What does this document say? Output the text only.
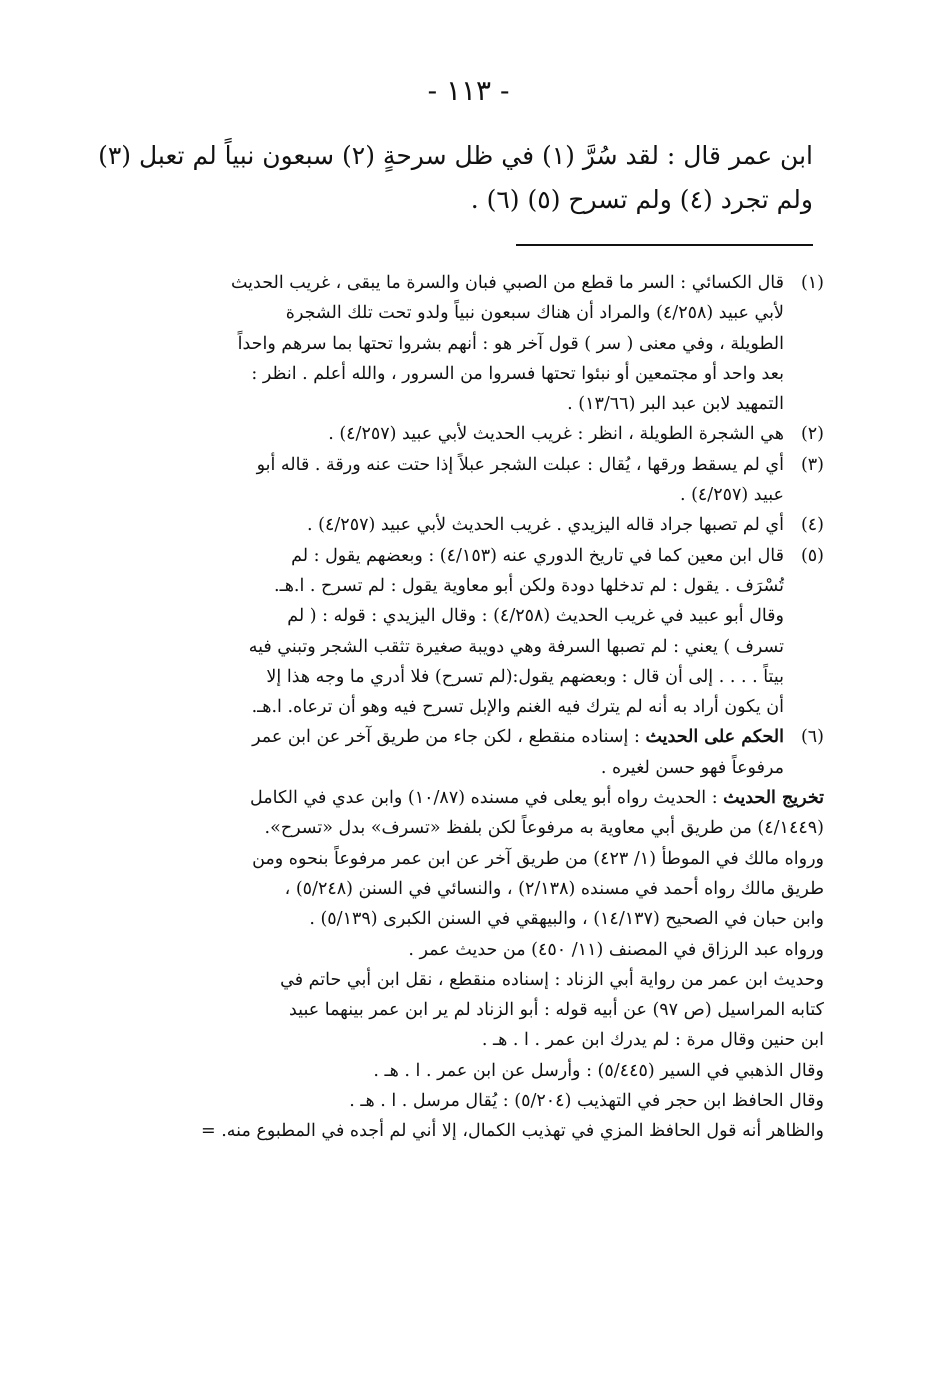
- ١١٣ -

ابن عمر قال : لقد سُرَّ (١) في ظل سرحةٍ (٢) سبعون نبياً لم تعبل (٣)

ولم تجرد (٤) ولم تسرح (٥) (٦) .

(١)

قال الكسائي : السر ما قطع من الصبي فبان والسرة ما يبقى ، غريب الحديث

لأبي عبيد (٤/٢٥٨) والمراد أن هناك سبعون نبياً ولدو تحت تلك الشجرة

الطويلة ، وفي معنى ( سر ) قول آخر هو : أنهم بشروا تحتها بما سرهم واحداً

بعد واحد أو مجتمعين أو نبئوا تحتها فسروا من السرور ، والله أعلم . انظر :

التمهيد لابن عبد البر (١٣/٦٦) .

(٢)

هي الشجرة الطويلة ، انظر : غريب الحديث لأبي عبيد (٤/٢٥٧) .

(٣)

أي لم يسقط ورقها ، يُقال : عبلت الشجر عبلاً إذا حتت عنه ورقة . قاله أبو

عبيد (٤/٢٥٧) .

(٤)

أي لم تصبها جراد قاله اليزيدي . غريب الحديث لأبي عبيد (٤/٢٥٧) .

(٥)

قال ابن معين كما في تاريخ الدوري عنه (٤/١٥٣) : وبعضهم يقول : لم

تُسْرَف . يقول : لم تدخلها دودة ولكن أبو معاوية يقول : لم تسرح . ا.هـ.

وقال أبو عبيد في غريب الحديث (٤/٢٥٨) : وقال اليزيدي : قوله : ( لم

تسرف ) يعني : لم تصبها السرفة وهي دويبة صغيرة تثقب الشجر وتبني فيه

بيتاً . . . . إلى أن قال : وبعضهم يقول:(لم تسرح) فلا أدري ما وجه هذا إلا

أن يكون أراد به أنه لم يترك فيه الغنم والإبل تسرح فيه وهو أن ترعاه. ا.هـ.

(٦)

الحكم على الحديث : إسناده منقطع ، لكن جاء من طريق آخر عن ابن عمر

مرفوعاً فهو حسن لغيره .

تخريج الحديث : الحديث رواه أبو يعلى في مسنده (١٠/٨٧) وابن عدي في الكامل

(٤/١٤٤٩) من طريق أبي معاوية به مرفوعاً لكن بلفظ «تسرف» بدل «تسرح».

ورواه مالك في الموطأ (١/ ٤٢٣) من طريق آخر عن ابن عمر مرفوعاً بنحوه ومن

طريق مالك رواه أحمد في مسنده (٢/١٣٨) ، والنسائي في السنن (٥/٢٤٨) ،

وابن حبان في الصحيح (١٤/١٣٧) ، والبيهقي في السنن الكبرى (٥/١٣٩) .

ورواه عبد الرزاق في المصنف (١١/ ٤٥٠) من حديث عمر .

وحديث ابن عمر من رواية أبي الزناد : إسناده منقطع ، نقل ابن أبي حاتم في

كتابه المراسيل (ص ٩٧) عن أبيه قوله : أبو الزناد لم ير ابن عمر بينهما عبيد

ابن حنين وقال مرة : لم يدرك ابن عمر . ا . هـ .

وقال الذهبي في السير (٥/٤٤٥) : وأرسل عن ابن عمر . ا . هـ .

وقال الحافظ ابن حجر في التهذيب (٥/٢٠٤) : يُقال مرسل . ا . هـ .

والظاهر أنه قول الحافظ المزي في تهذيب الكمال، إلا أني لم أجده في المطبوع منه. =
